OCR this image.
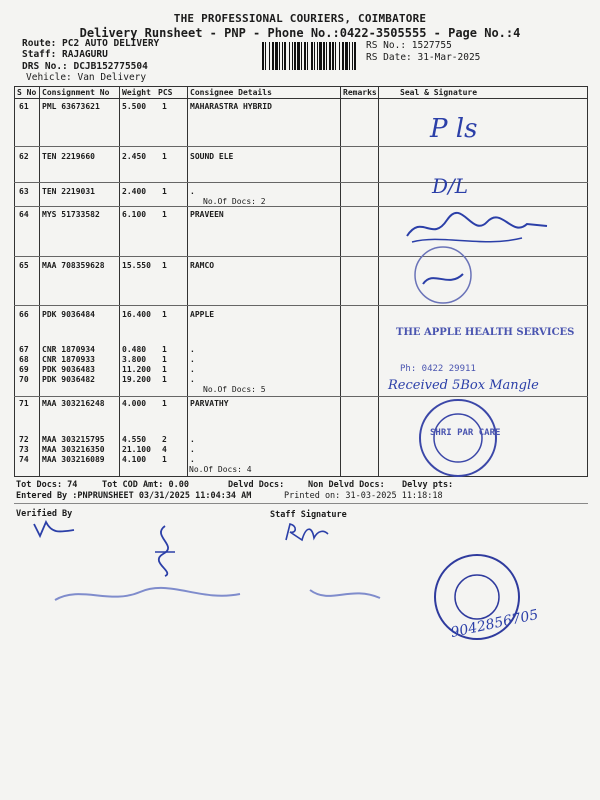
THE PROFESSIONAL COURIERS, COIMBATORE
Delivery Runsheet - PNP - Phone No.:0422-3505555 - Page No.:4
Route: PC2 AUTO DELIVERY
Staff: RAJAGURU
DRS No.: DCJB152775504
Vehicle: Van Delivery
RS No.: 1527755
RS Date: 31-Mar-2025
S No Consignment No Weight PCS Consignee Details	Remarks	Seal & Signature
61 PML 63673621	5.500 1	MAHARASTRA HYBRID
62 TEN 2219660	2.450 1	SOUND ELE
63 TEN 2219031	2.400 1	.
No.Of Docs: 2
64 MYS 51733582	6.100 1	PRAVEEN
65 MAA 708359628 15.550 1	RAMCO
66 PDK 9036484	16.400 1	APPLE
67 CNR 1870934	0.480 1	.
68 CNR 1870933	3.800 1	.
69 PDK 9036483	11.200 1	.
70 PDK 9036482	19.200 1	.
No.Of Docs: 5
71 MAA 303216248 4.000 1	PARVATHY
72 MAA 303215795 4.550 2	.
73 MAA 303216350 21.100 4	.
74 MAA 303216089 4.100 1	.
No.Of Docs: 4
Tot Docs: 74	Tot COD Amt: 0.00	Delvd Docs:	Non Delvd Docs: Delvy pts:
Entered By :PNPRUNSHEET 03/31/2025 11:04:34 AM	Printed on: 31-03-2025 11:18:18
Verified By	Staff Signature
P ls
D/L
THE APPLE HEALTH SERVICES
Ph: 0422 29911
Received 5Box Mangle
SHRI PAR CARE
9042856705
